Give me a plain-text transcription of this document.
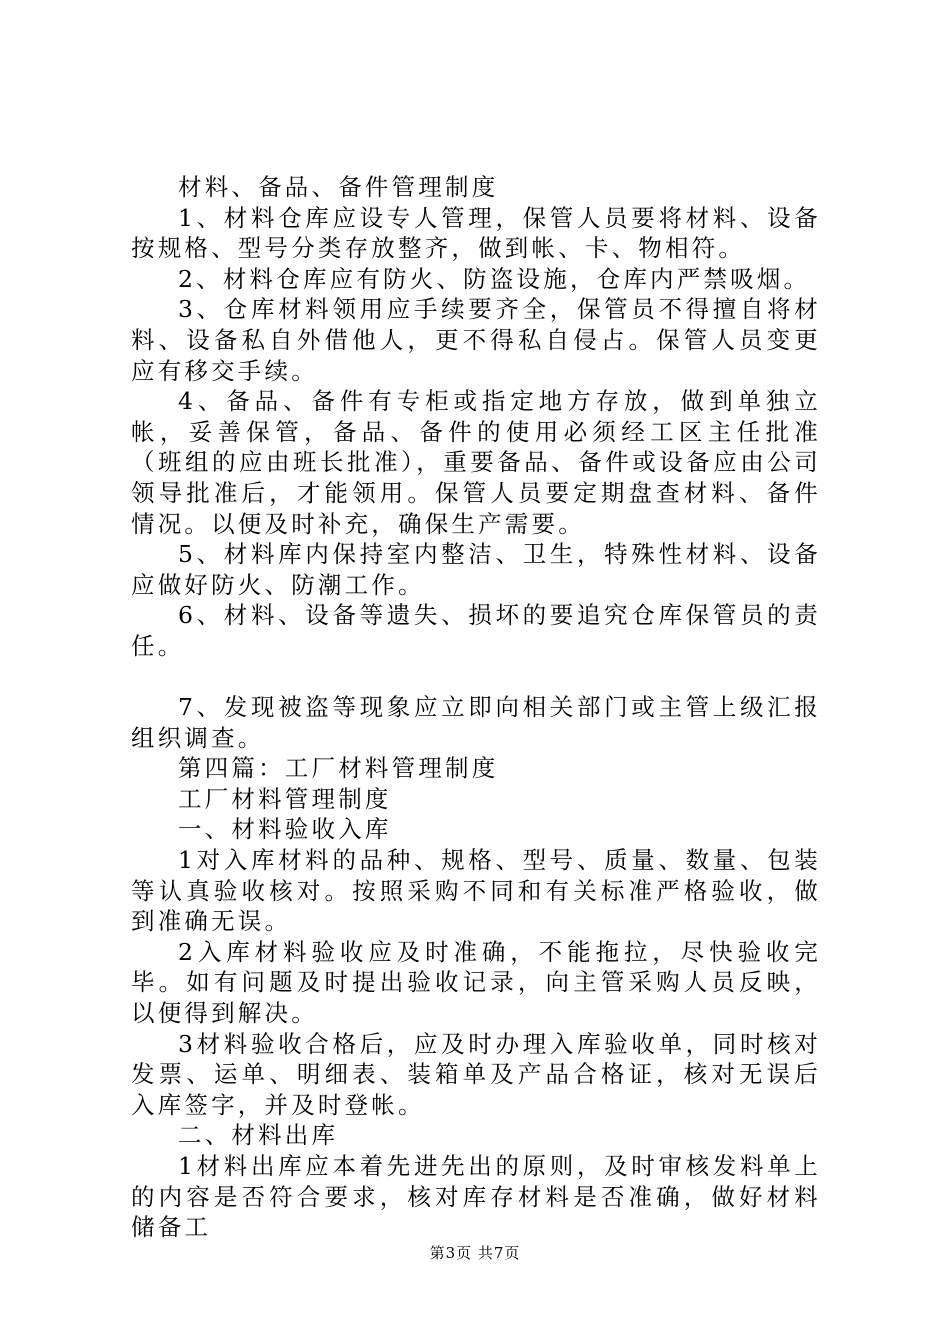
材料、备品、备件管理制度

1、材料仓库应设专人管理，保管人员要将材料、设备按规格、型号分类存放整齐，做到帐、卡、物相符。

2、材料仓库应有防火、防盗设施，仓库内严禁吸烟。

3、仓库材料领用应手续要齐全，保管员不得擅自将材料、设备私自外借他人，更不得私自侵占。保管人员变更应有移交手续。

4、备品、备件有专柜或指定地方存放，做到单独立帐，妥善保管，备品、备件的使用必须经工区主任批准（班组的应由班长批准），重要备品、备件或设备应由公司领导批准后，才能领用。保管人员要定期盘查材料、备件情况。以便及时补充，确保生产需要。

5、材料库内保持室内整洁、卫生，特殊性材料、设备应做好防火、防潮工作。

6、材料、设备等遗失、损坏的要追究仓库保管员的责任。

7、发现被盗等现象应立即向相关部门或主管上级汇报组织调查。

第四篇：工厂材料管理制度

工厂材料管理制度

一、材料验收入库

1对入库材料的品种、规格、型号、质量、数量、包装等认真验收核对。按照采购不同和有关标准严格验收，做到准确无误。

2入库材料验收应及时准确，不能拖拉，尽快验收完毕。如有问题及时提出验收记录，向主管采购人员反映，以便得到解决。

3材料验收合格后，应及时办理入库验收单，同时核对发票、运单、明细表、装箱单及产品合格证，核对无误后入库签字，并及时登帐。

二、材料出库

1材料出库应本着先进先出的原则，及时审核发料单上的内容是否符合要求，核对库存材料是否准确，做好材料储备工

第3页 共7页
